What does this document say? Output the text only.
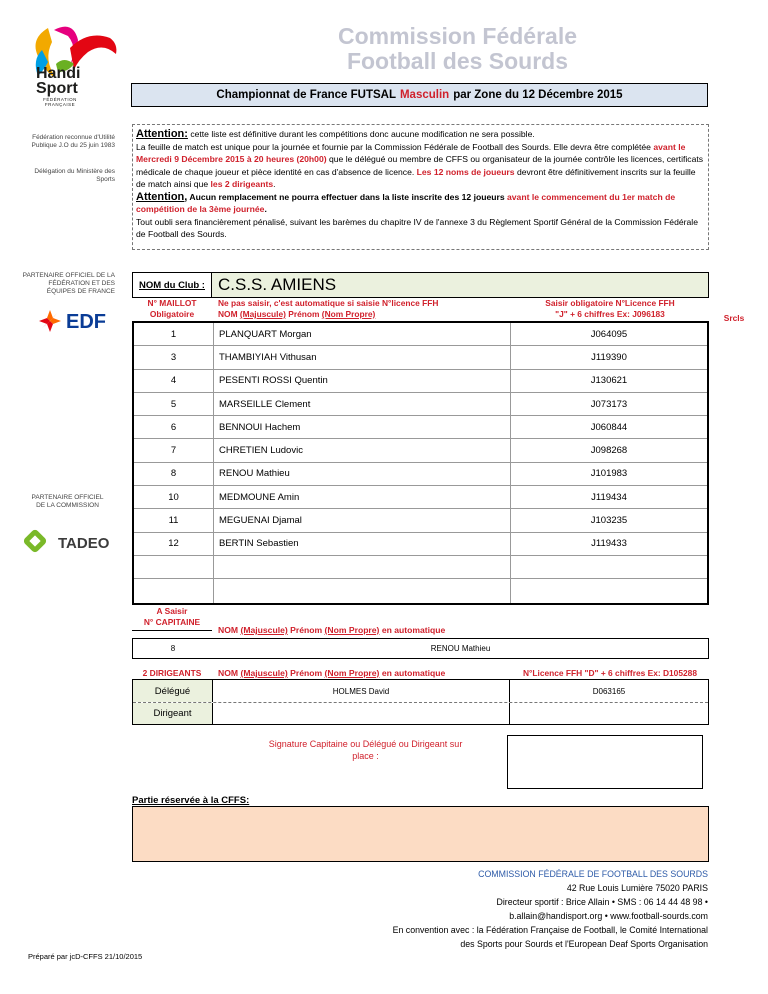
Handi
Sport
FÉDÉRATION
FRANÇAISE
Commission Fédérale
Football des Sourds
Championnat de France FUTSAL Masculin par Zone du 12 Décembre 2015
Fédération reconnue d'Utilité Publique J.O du 25 juin 1983
Délégation du Ministère des Sports
PARTENAIRE OFFICIEL DE LA FÉDÉRATION ET DES ÉQUIPES DE FRANCE
EDF
PARTENAIRE OFFICIEL DE LA COMMISSION
TADEO
Attention: cette liste est définitive durant les compétitions donc aucune modification ne sera possible.
La feuille de match est unique pour la journée et fournie par la Commission Fédérale de Football des Sourds. Elle devra être complétée avant le Mercredi 9 Décembre 2015 à 20 heures (20h00) que le délégué ou membre de CFFS ou organisateur de la journée contrôle les licences, certificats médicale de chaque joueur et pièce identité en cas d'absence de licence. Les 12 noms de joueurs devront être définitivement inscrits sur la feuille de match ainsi que les 2 dirigeants.
Attention, Aucun remplacement ne pourra effectuer dans la liste inscrite des 12 joueurs avant le commencement du 1er match de compétition de la 3ème journée.
Tout oubli sera financièrement pénalisé, suivant les barèmes du chapitre IV de l'annexe 3 du Règlement Sportif Général de la Commission Fédérale de Football des Sourds.
NOM du Club : C.S.S. AMIENS
N° MAILLOT
Obligatoire
Ne pas saisir, c'est automatique si saisie N°licence FFH
NOM (Majuscule) Prénom (Nom Propre)
Saisir obligatoire N°Licence FFH
"J" + 6 chiffres Ex: J096183	Srcls
1	PLANQUART Morgan	J064095
3	THAMBIYIAH Vithusan	J119390
4	PESENTI ROSSI Quentin	J130621
5	MARSEILLE Clement	J073173
6	BENNOUI Hachem	J060844
7	CHRETIEN Ludovic	J098268
8	RENOU Mathieu	J101983
10	MEDMOUNE Amin	J119434
11	MEGUENAI Djamal	J103235
12	BERTIN Sebastien	J119433
A Saisir
N° CAPITAINE
NOM (Majuscule) Prénom (Nom Propre) en automatique
8	RENOU Mathieu
2 DIRIGEANTS	NOM (Majuscule) Prénom (Nom Propre) en automatique	N°Licence FFH "D" + 6 chiffres Ex: D105288
Délégué	HOLMES David	D063165
Dirigeant
Signature Capitaine ou Délégué ou Dirigeant sur place :
Partie réservée à la CFFS:
COMMISSION FÉDÉRALE DE FOOTBALL DES SOURDS
42 Rue Louis Lumière 75020 PARIS
Directeur sportif : Brice Allain • SMS : 06 14 44 48 98 •
b.allain@handisport.org • www.football-sourds.com
En convention avec : la Fédération Française de Football, le Comité International
des Sports pour Sourds et l'European Deaf Sports Organisation
Préparé par jcD-CFFS 21/10/2015
